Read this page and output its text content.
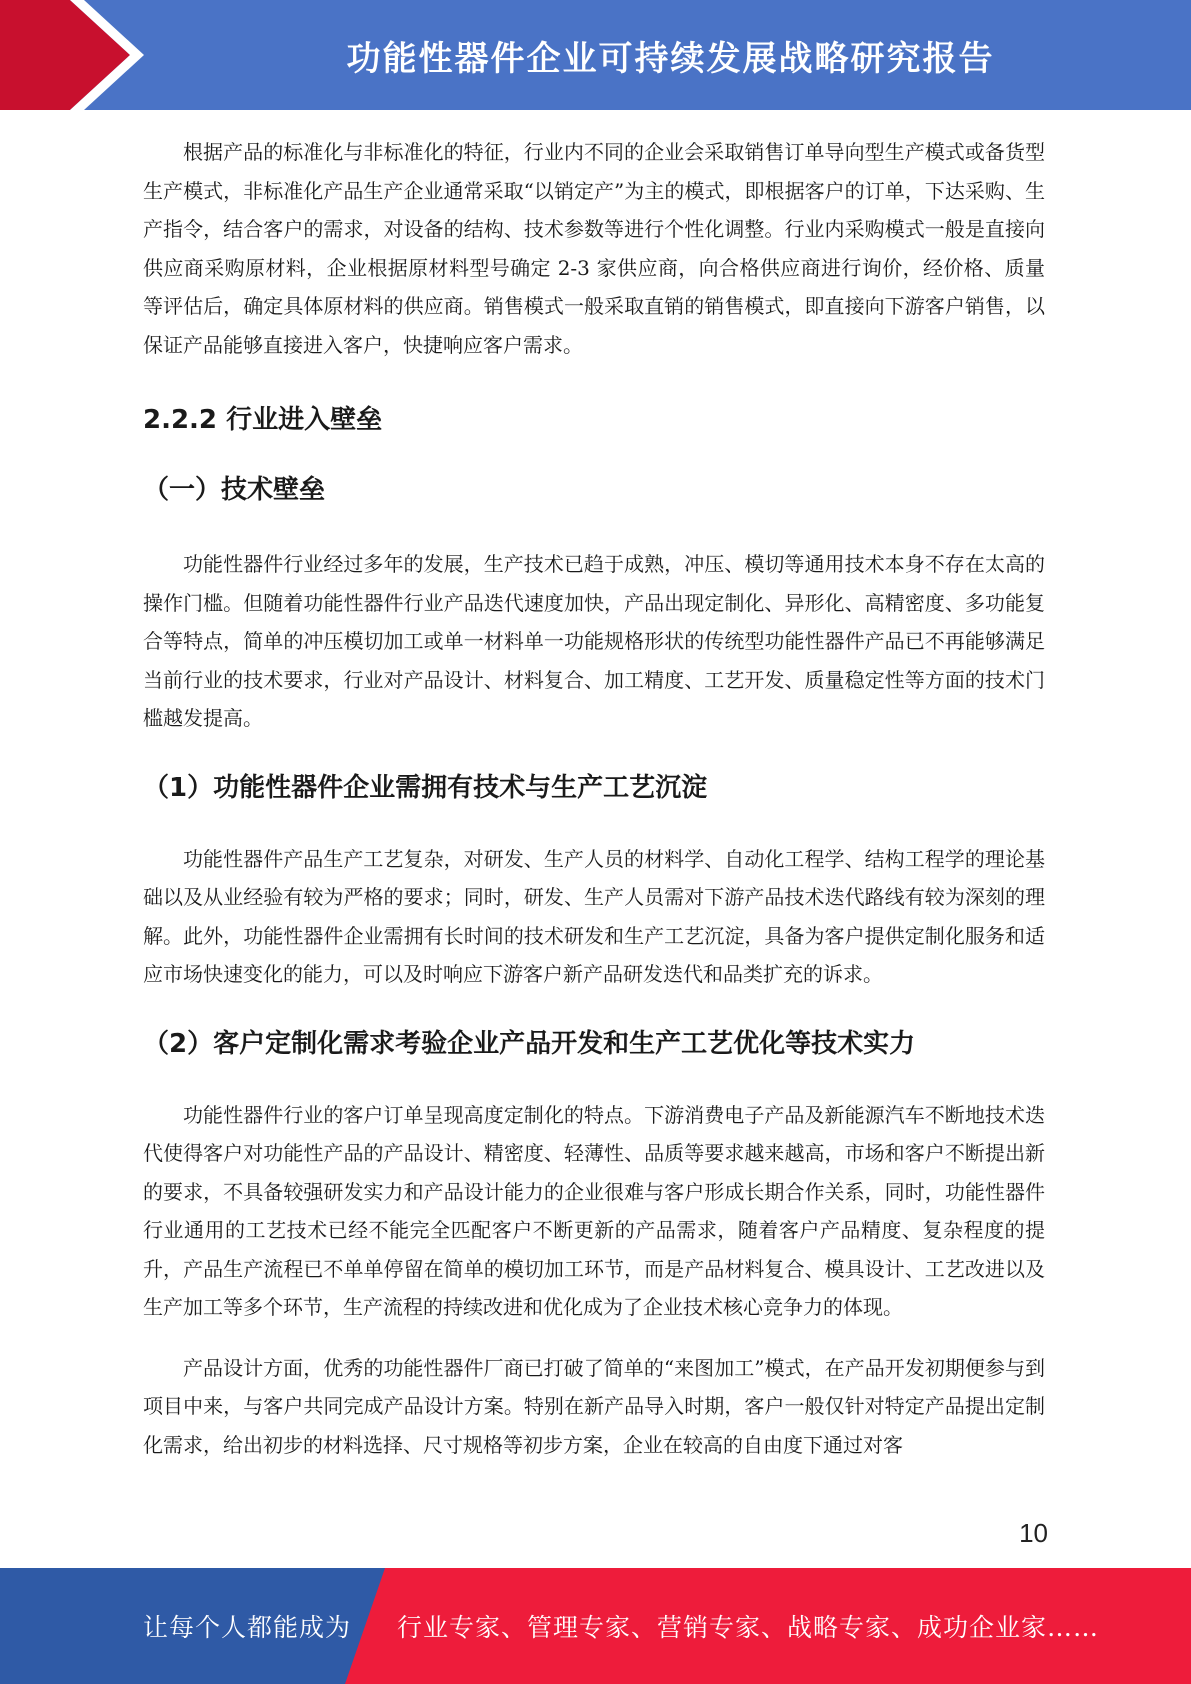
功能性器件企业可持续发展战略研究报告

根据产品的标准化与非标准化的特征，行业内不同的企业会采取销售订单导向型生产模式或备货型生产模式，非标准化产品生产企业通常采取“以销定产”为主的模式，即根据客户的订单，下达采购、生产指令，结合客户的需求，对设备的结构、技术参数等进行个性化调整。行业内采购模式一般是直接向供应商采购原材料，企业根据原材料型号确定 2-3 家供应商，向合格供应商进行询价，经价格、质量等评估后，确定具体原材料的供应商。销售模式一般采取直销的销售模式，即直接向下游客户销售，以保证产品能够直接进入客户，快捷响应客户需求。

2.2.2 行业进入壁垒
（一）技术壁垒

功能性器件行业经过多年的发展，生产技术已趋于成熟，冲压、模切等通用技术本身不存在太高的操作门槛。但随着功能性器件行业产品迭代速度加快，产品出现定制化、异形化、高精密度、多功能复合等特点，简单的冲压模切加工或单一材料单一功能规格形状的传统型功能性器件产品已不再能够满足当前行业的技术要求，行业对产品设计、材料复合、加工精度、工艺开发、质量稳定性等方面的技术门槛越发提高。

（1）功能性器件企业需拥有技术与生产工艺沉淀

功能性器件产品生产工艺复杂，对研发、生产人员的材料学、自动化工程学、结构工程学的理论基础以及从业经验有较为严格的要求；同时，研发、生产人员需对下游产品技术迭代路线有较为深刻的理解。此外，功能性器件企业需拥有长时间的技术研发和生产工艺沉淀，具备为客户提供定制化服务和适应市场快速变化的能力，可以及时响应下游客户新产品研发迭代和品类扩充的诉求。

（2）客户定制化需求考验企业产品开发和生产工艺优化等技术实力

功能性器件行业的客户订单呈现高度定制化的特点。下游消费电子产品及新能源汽车不断地技术迭代使得客户对功能性产品的产品设计、精密度、轻薄性、品质等要求越来越高，市场和客户不断提出新的要求，不具备较强研发实力和产品设计能力的企业很难与客户形成长期合作关系，同时，功能性器件行业通用的工艺技术已经不能完全匹配客户不断更新的产品需求，随着客户产品精度、复杂程度的提升，产品生产流程已不单单停留在简单的模切加工环节，而是产品材料复合、模具设计、工艺改进以及生产加工等多个环节，生产流程的持续改进和优化成为了企业技术核心竞争力的体现。

产品设计方面，优秀的功能性器件厂商已打破了简单的“来图加工”模式，在产品开发初期便参与到项目中来，与客户共同完成产品设计方案。特别在新产品导入时期，客户一般仅针对特定产品提出定制化需求，给出初步的材料选择、尺寸规格等初步方案，企业在较高的自由度下通过对客

10
让每个人都能成为 行业专家、管理专家、营销专家、战略专家、成功企业家……
